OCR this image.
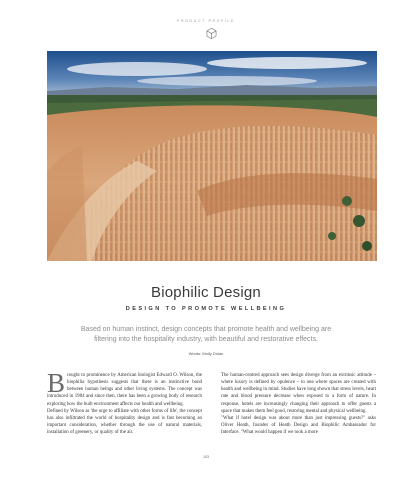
PRODUCT PROFILE
Biophilic Design
DESIGN TO PROMOTE WELLBEING
Based on human instinct, design concepts that promote health and wellbeing are filtering into the hospitality industry, with beautiful and restorative effects.
Words: Molly Dolan

Brought to prominence by American biologist Edward O. Wilson, the biophilia hypothesis suggests that there is an instinctive bond between human beings and other living systems. The concept was introduced in 1984 and since then, there has been a growing body of research exploring how the built environment affects our health and wellbeing.

Defined by Wilson as 'the urge to affiliate with other forms of life', the concept has also infiltrated the world of hospitality design and is fast becoming an important consideration, whether through the use of natural materials, installation of greenery, or quality of the air.

The human-centred approach sees design diverge from an extrinsic attitude – where luxury is defined by opulence – to one where spaces are created with health and wellbeing in mind. Studies have long shown that stress levels, heart rate and blood pressure decrease when exposed to a form of nature. In response, hotels are increasingly changing their approach to offer guests a space that makes them feel good, restoring mental and physical wellbeing.

"What if hotel design was about more than just impressing guests?" asks Oliver Heath, founder of Heath Design and Biophilic Ambassador for Interface. "What would happen if we took a more

103
